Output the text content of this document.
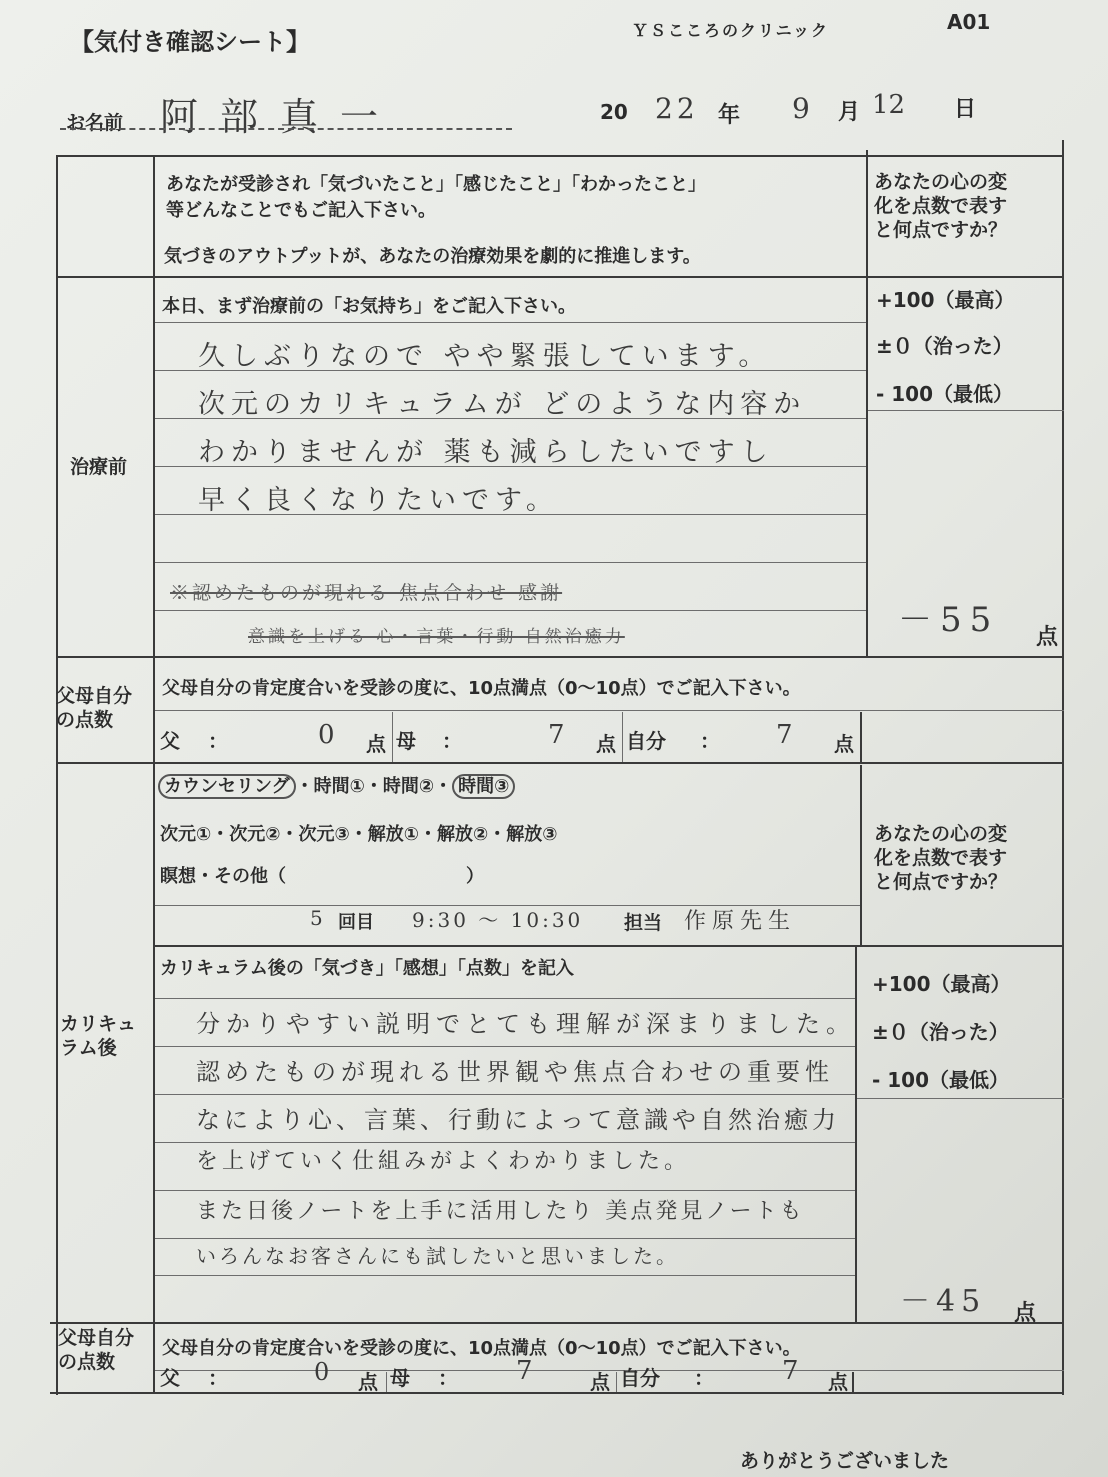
【気付き確認シート】	ＹＳこころのクリニック	A01
お名前 阿部真一	20 22 年 9 月 12 日
あなたが受診され「気づいたこと」「感じたこと」「わかったこと」
等どんなことでもご記入下さい。
気づきのアウトプットが、あなたの治療効果を劇的に推進します。
あなたの心の変
化を点数で表す
と何点ですか？
治療前
本日、まず治療前の「お気持ち」をご記入下さい。
久しぶりなので やや緊張しています。
次元のカリキュラムが どのような内容か
わかりませんが 薬も減らしたいですし
早く良くなりたいです。
※認めたものが現れる 焦点合わせ 感謝
意識を上げる 心・言葉・行動 自然治癒力
+100（最高）
±０（治った）
- 100（最低）
－55 点
父母自分
の点数
父母自分の肯定度合いを受診の度に、10点満点（0～10点）でご記入下さい。
父 ：	0 点 母 ：	7 点 自分 ： 7 点
カリキュ
ラム後
カウンセリング ・時間①・時間②・ 時間③
次元①・次元②・次元③・解放①・解放②・解放③
瞑想・その他（　　　　　　　　　　）
5 回目 9:30 ～ 10:30 担当 作原先生
あなたの心の変
化を点数で表す
と何点ですか？
カリキュラム後の「気づき」「感想」「点数」を記入
分かりやすい説明でとても理解が深まりました。
認めたものが現れる世界観や焦点合わせの重要性
なにより心、言葉、行動によって意識や自然治癒力
を上げていく仕組みがよくわかりました。
また日後ノートを上手に活用したり 美点発見ノートも
いろんなお客さんにも試したいと思いました。
+100（最高）
±０（治った）
- 100（最低）
－45 点
父母自分
の点数
父母自分の肯定度合いを受診の度に、10点満点（0～10点）でご記入下さい。
父 ：	0 点 母 ： 7	点 自分 ：	7 点
ありがとうございました
